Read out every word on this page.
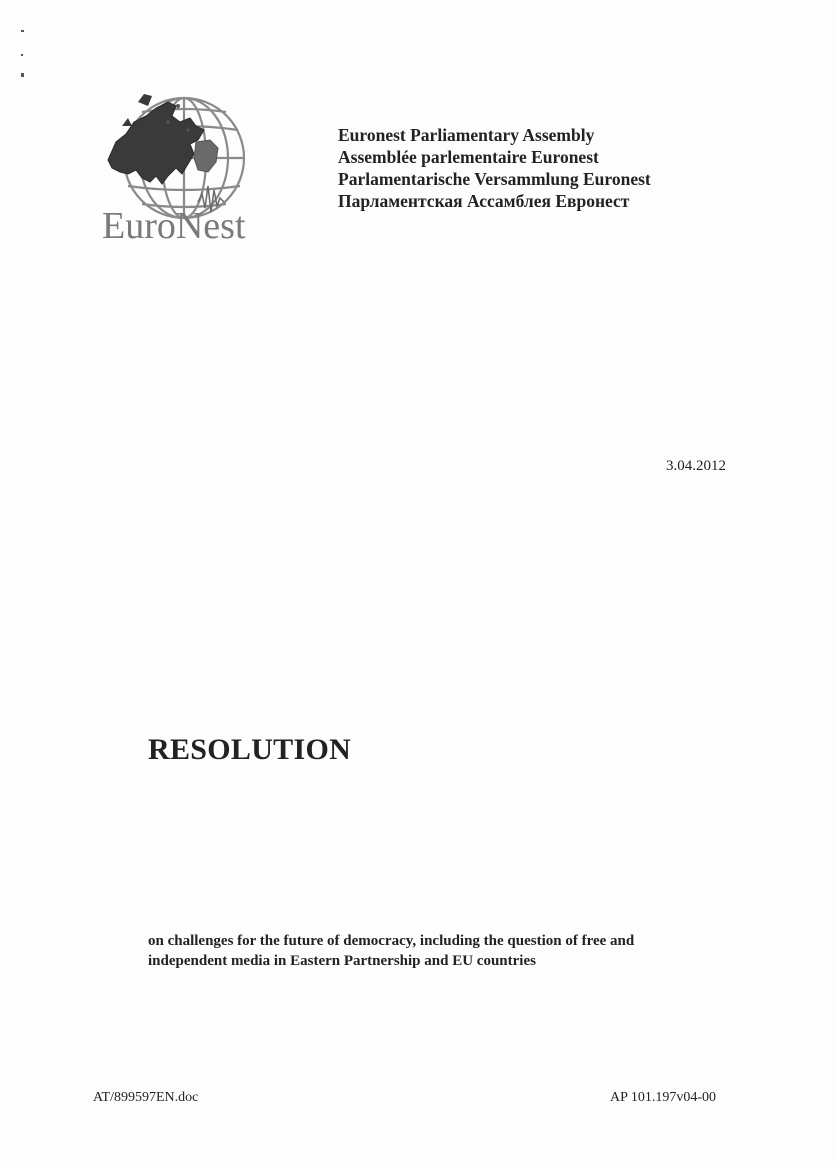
EuroNest
Euronest Parliamentary Assembly
Assemblée parlementaire Euronest
Parlamentarische Versammlung Euronest
Парламентская Ассамблея Евронест
3.04.2012
RESOLUTION
on challenges for the future of democracy, including the question of free and
independent media in Eastern Partnership and EU countries
AT/899597EN.doc	AP 101.197v04-00
